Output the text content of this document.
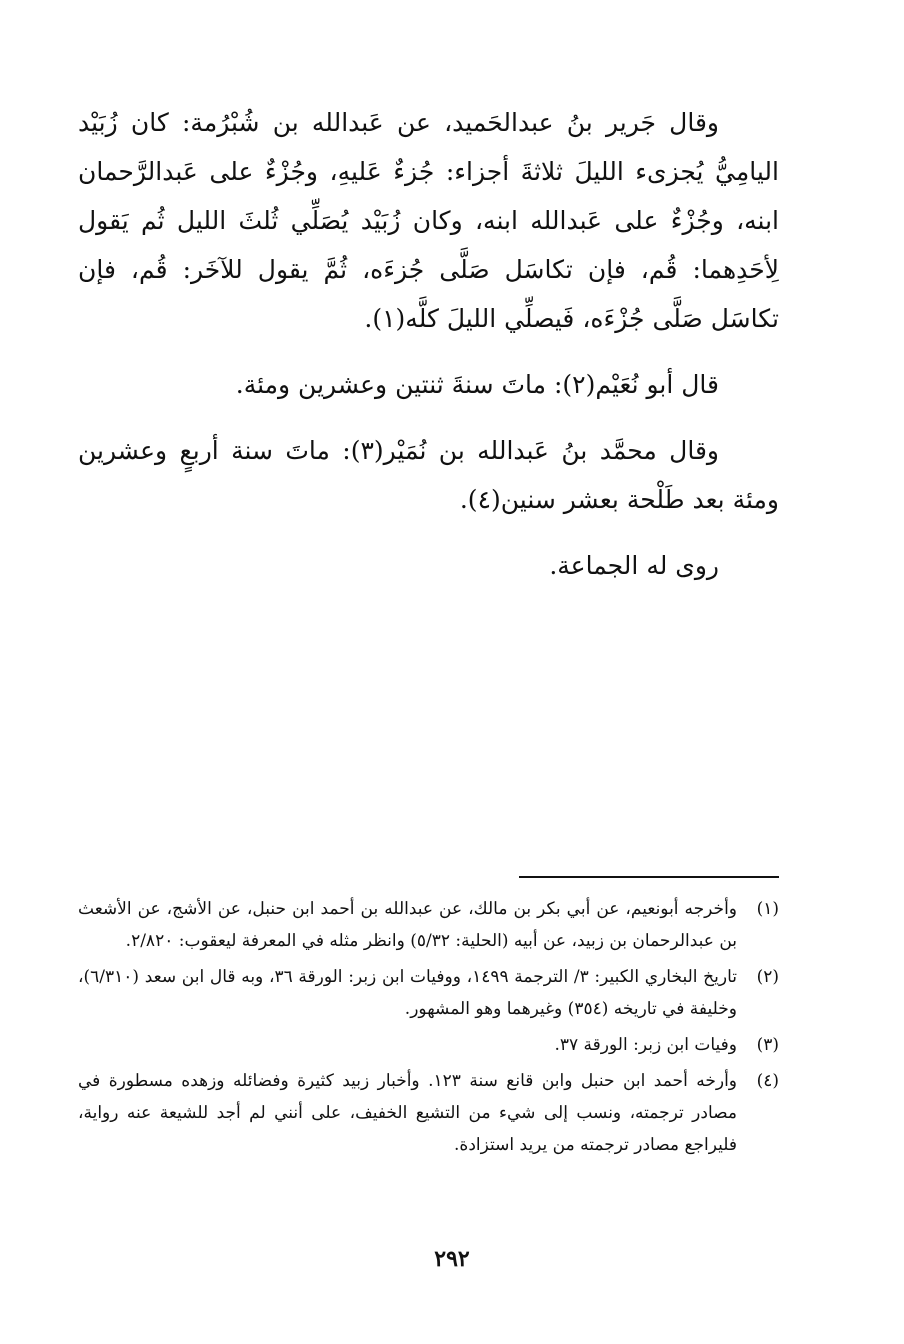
وقال جَرير بنُ عبدالحَميد، عن عَبدالله بن شُبْرُمة: كان زُبَيْد اليامِيُّ يُجزىء الليلَ ثلاثةَ أجزاء: جُزءٌ عَليهِ، وجُزْءٌ على عَبدالرَّحمان ابنه، وجُزْءٌ على عَبدالله ابنه، وكان زُبَيْد يُصَلِّي ثُلثَ الليل ثُم يَقول لِأحَدِهما: قُم، فإن تكاسَل صَلَّى جُزءَه، ثُمَّ يقول للآخَر: قُم، فإن تكاسَل صَلَّى جُزْءَه، فَيصلِّي الليلَ كلَّه(١).

قال أبو نُعَيْم(٢): ماتَ سنةَ ثنتين وعشرين ومئة.

وقال محمَّد بنُ عَبدالله بن نُمَيْر(٣): ماتَ سنة أربعٍ وعشرين ومئة بعد طَلْحة بعشر سنين(٤).

روى له الجماعة.

(١)
وأخرجه أبونعيم، عن أبي بكر بن مالك، عن عبدالله بن أحمد ابن حنبل، عن الأشج، عن الأشعث بن عبدالرحمان بن زبيد، عن أبيه (الحلية: ٥/٣٢) وانظر مثله في المعرفة ليعقوب: ٢/٨٢٠.
(٢)
تاريخ البخاري الكبير: ٣/ الترجمة ١٤٩٩، ووفيات ابن زبر: الورقة ٣٦، وبه قال ابن سعد (٦/٣١٠)، وخليفة في تاريخه (٣٥٤) وغيرهما وهو المشهور.
(٣)
وفيات ابن زبر: الورقة ٣٧.
(٤)
وأرخه أحمد ابن حنبل وابن قانع سنة ١٢٣. وأخبار زبيد كثيرة وفضائله وزهده مسطورة في مصادر ترجمته، ونسب إلى شيء من التشيع الخفيف، على أنني لم أجد للشيعة عنه رواية، فليراجع مصادر ترجمته من يريد استزادة.
٢٩٢
